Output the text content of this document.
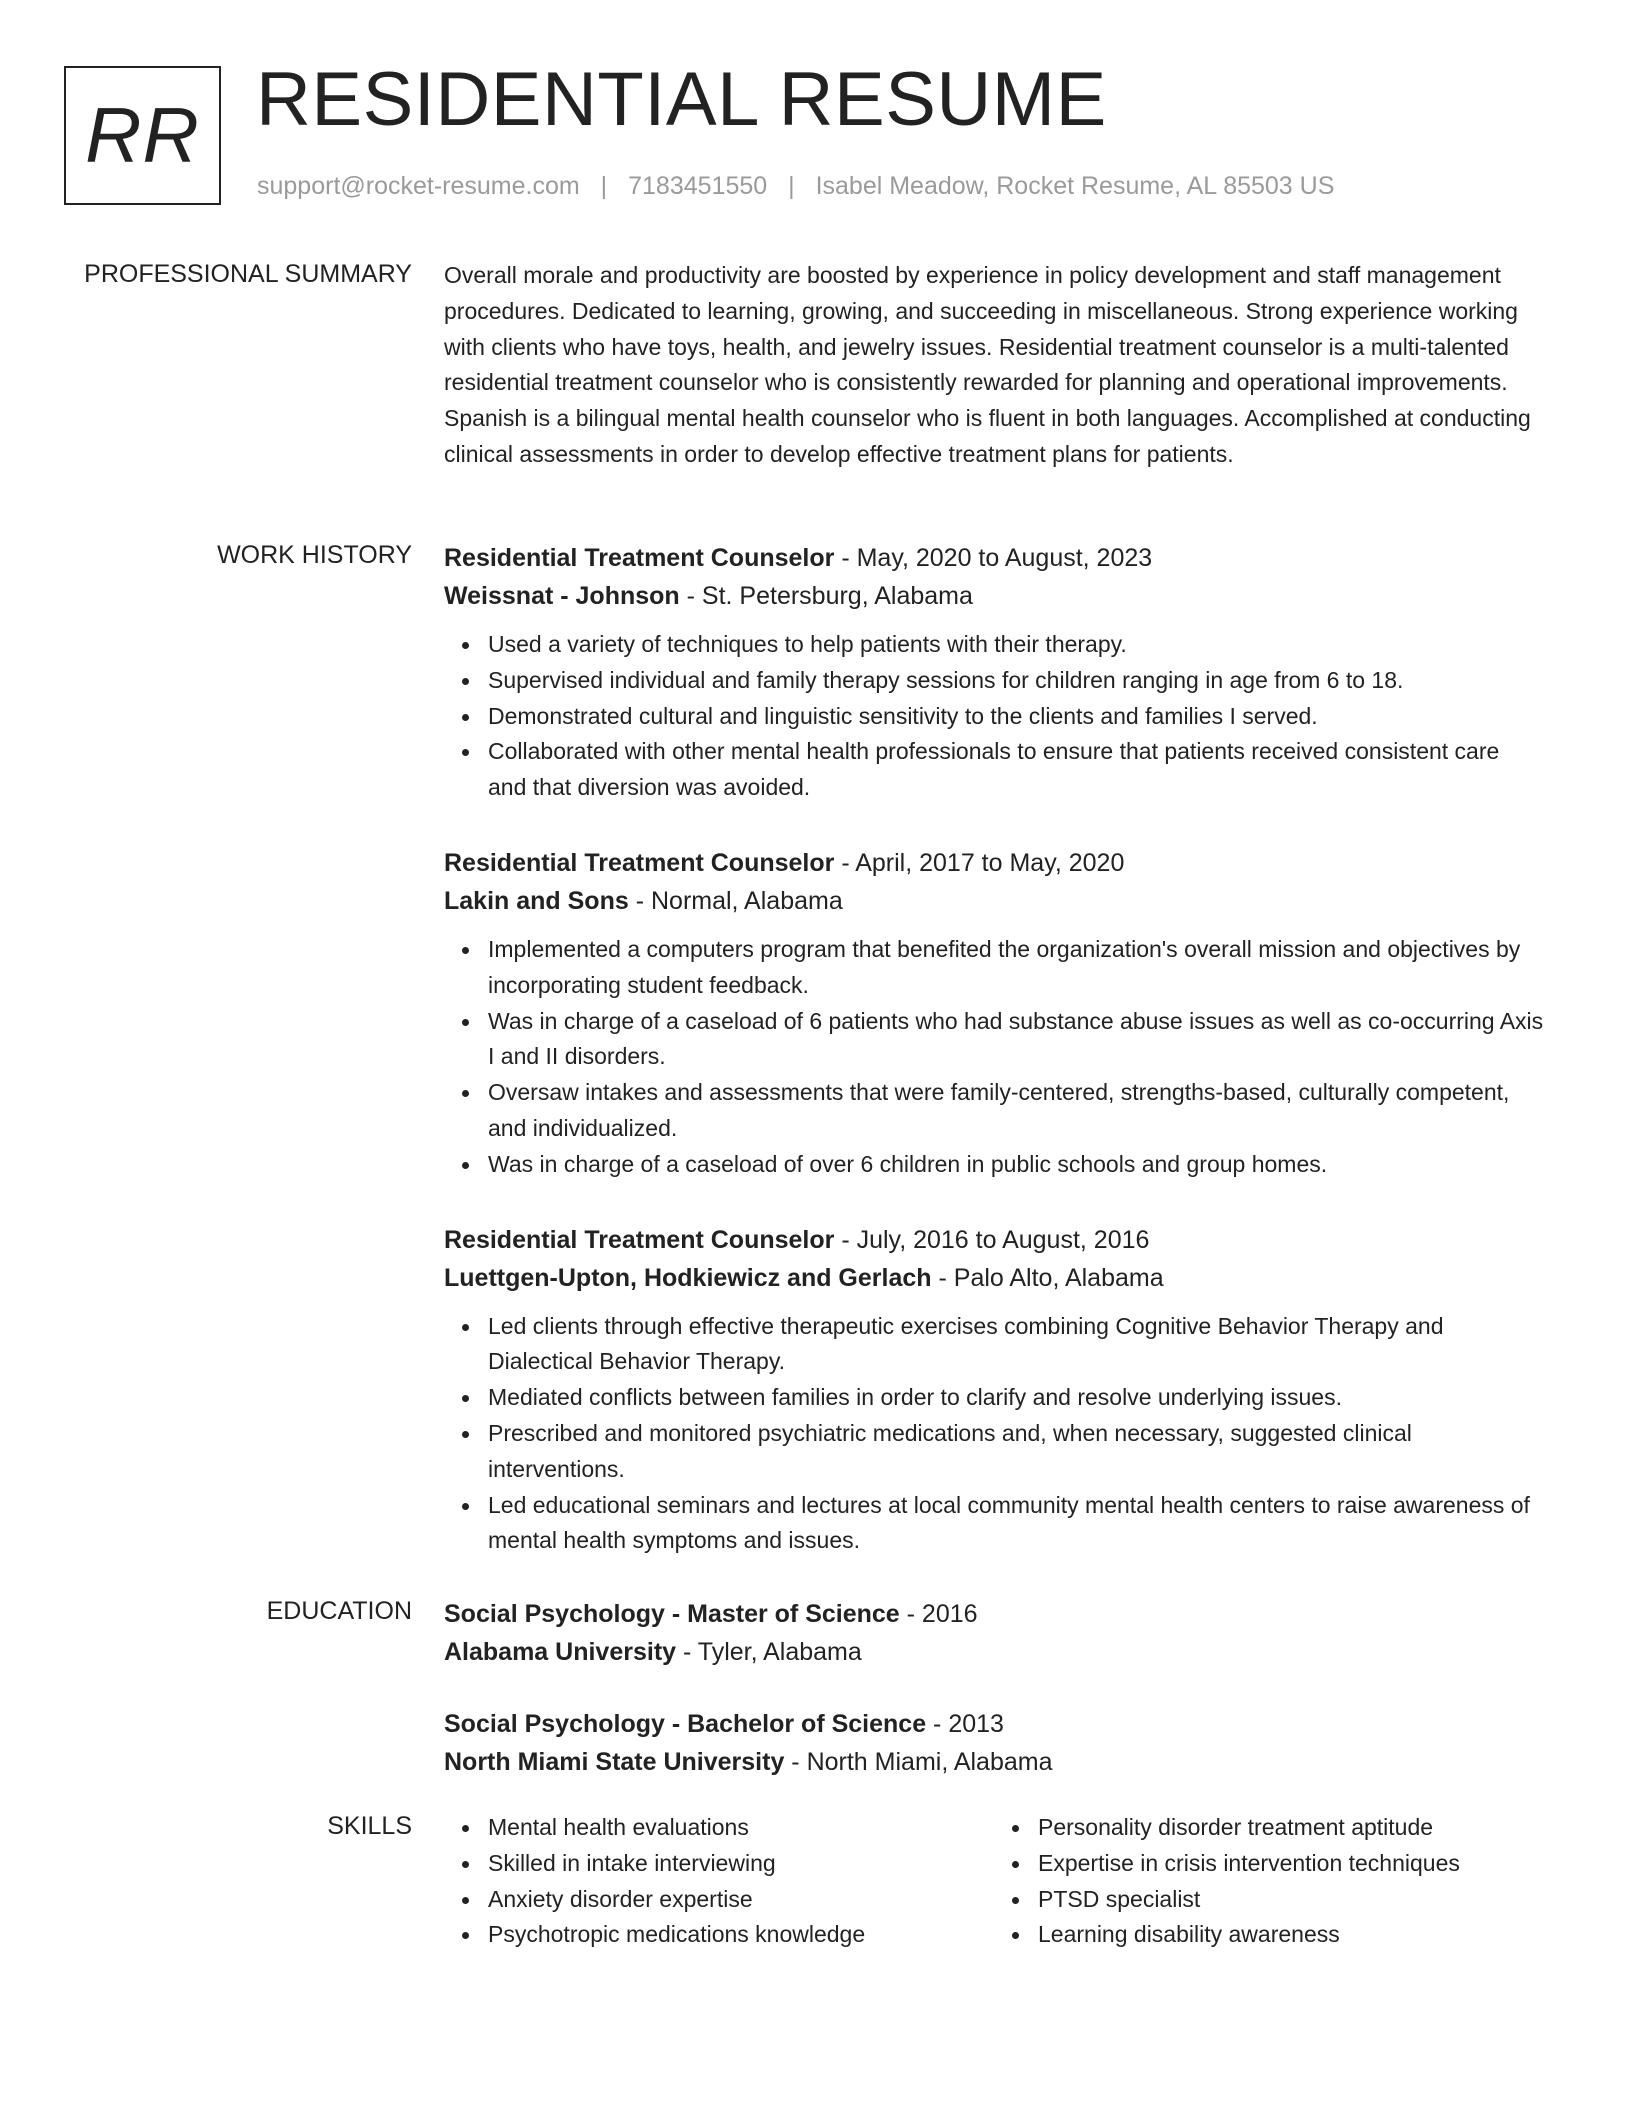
RR RESIDENTIAL RESUME
support@rocket-resume.com | 7183451550 | Isabel Meadow, Rocket Resume, AL 85503 US
PROFESSIONAL SUMMARY Overall morale and productivity are boosted by experience in policy development and staff management procedures. Dedicated to learning, growing, and succeeding in miscellaneous. Strong experience working with clients who have toys, health, and jewelry issues. Residential treatment counselor is a multi-talented residential treatment counselor who is consistently rewarded for planning and operational improvements. Spanish is a bilingual mental health counselor who is fluent in both languages. Accomplished at conducting clinical assessments in order to develop effective treatment plans for patients.

WORK HISTORY Residential Treatment Counselor - May, 2020 to August, 2023
Weissnat - Johnson - St. Petersburg, Alabama
Used a variety of techniques to help patients with their therapy.
Supervised individual and family therapy sessions for children ranging in age from 6 to 18.
Demonstrated cultural and linguistic sensitivity to the clients and families I served.
Collaborated with other mental health professionals to ensure that patients received consistent care and that diversion was avoided.
Residential Treatment Counselor - April, 2017 to May, 2020
Lakin and Sons - Normal, Alabama
Implemented a computers program that benefited the organization's overall mission and objectives by incorporating student feedback.
Was in charge of a caseload of 6 patients who had substance abuse issues as well as co-occurring Axis I and II disorders.
Oversaw intakes and assessments that were family-centered, strengths-based, culturally competent, and individualized.
Was in charge of a caseload of over 6 children in public schools and group homes.
Residential Treatment Counselor - July, 2016 to August, 2016
Luettgen-Upton, Hodkiewicz and Gerlach - Palo Alto, Alabama
Led clients through effective therapeutic exercises combining Cognitive Behavior Therapy and Dialectical Behavior Therapy.
Mediated conflicts between families in order to clarify and resolve underlying issues.
Prescribed and monitored psychiatric medications and, when necessary, suggested clinical interventions.
Led educational seminars and lectures at local community mental health centers to raise awareness of mental health symptoms and issues.
EDUCATION Social Psychology - Master of Science - 2016
Alabama University - Tyler, Alabama
Social Psychology - Bachelor of Science - 2013
North Miami State University - North Miami, Alabama
SKILLS	Mental health evaluations
Skilled in intake interviewing
Anxiety disorder expertise
Psychotropic medications knowledge
Personality disorder treatment aptitude
Expertise in crisis intervention techniques
PTSD specialist
Learning disability awareness
